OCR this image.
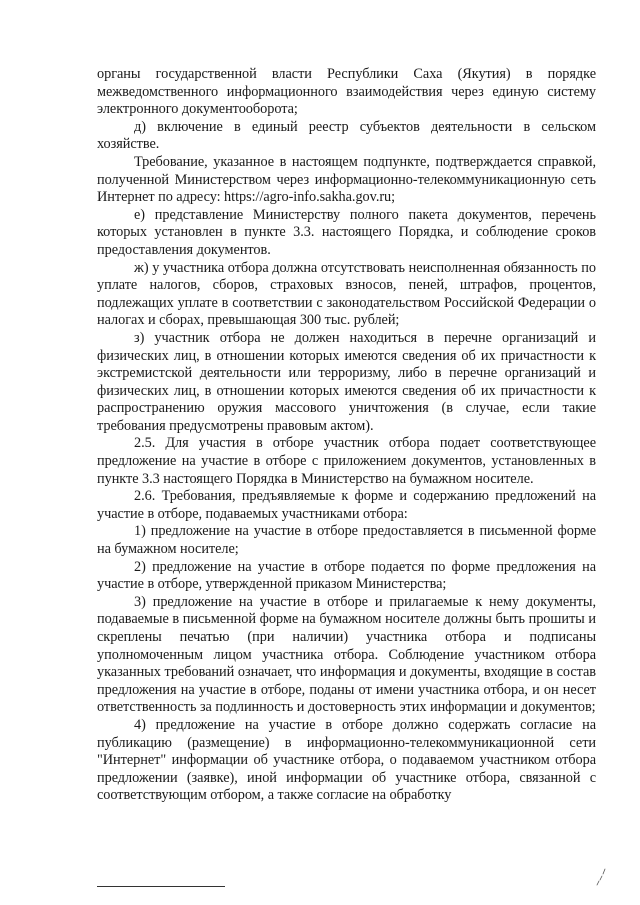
органы государственной власти Республики Саха (Якутия) в порядке межведомственного информационного взаимодействия через единую систему электронного документооборота;

д) включение в единый реестр субъектов деятельности в сельском хозяйстве.

Требование, указанное в настоящем подпункте, подтверждается справкой, полученной Министерством через информационно-телекоммуникационную сеть Интернет по адресу: https://agro-info.sakha.gov.ru;

е) представление Министерству полного пакета документов, перечень которых установлен в пункте 3.3. настоящего Порядка, и соблюдение сроков предоставления документов.

ж) у участника отбора должна отсутствовать неисполненная обязанность по уплате налогов, сборов, страховых взносов, пеней, штрафов, процентов, подлежащих уплате в соответствии с законодательством Российской Федерации о налогах и сборах, превышающая 300 тыс. рублей;

з) участник отбора не должен находиться в перечне организаций и физических лиц, в отношении которых имеются сведения об их причастности к экстремистской деятельности или терроризму, либо в перечне организаций и физических лиц, в отношении которых имеются сведения об их причастности к распространению оружия массового уничтожения (в случае, если такие требования предусмотрены правовым актом).

2.5. Для участия в отборе участник отбора подает соответствующее предложение на участие в отборе с приложением документов, установленных в пункте 3.3 настоящего Порядка в Министерство на бумажном носителе.

2.6. Требования, предъявляемые к форме и содержанию предложений на участие в отборе, подаваемых участниками отбора:

1) предложение на участие в отборе предоставляется в письменной форме на бумажном носителе;

2) предложение на участие в отборе подается по форме предложения на участие в отборе, утвержденной приказом Министерства;

3) предложение на участие в отборе и прилагаемые к нему документы, подаваемые в письменной форме на бумажном носителе должны быть прошиты и скреплены печатью (при наличии) участника отбора и подписаны уполномоченным лицом участника отбора. Соблюдение участником отбора указанных требований означает, что информация и документы, входящие в состав предложения на участие в отборе, поданы от имени участника отбора, и он несет ответственность за подлинность и достоверность этих информации и документов;

4) предложение на участие в отборе должно содержать согласие на публикацию (размещение) в информационно-телекоммуникационной сети "Интернет" информации об участнике отбора, о подаваемом участником отбора предложении (заявке), иной информации об участнике отбора, связанной с соответствующим отбором, а также согласие на обработку
